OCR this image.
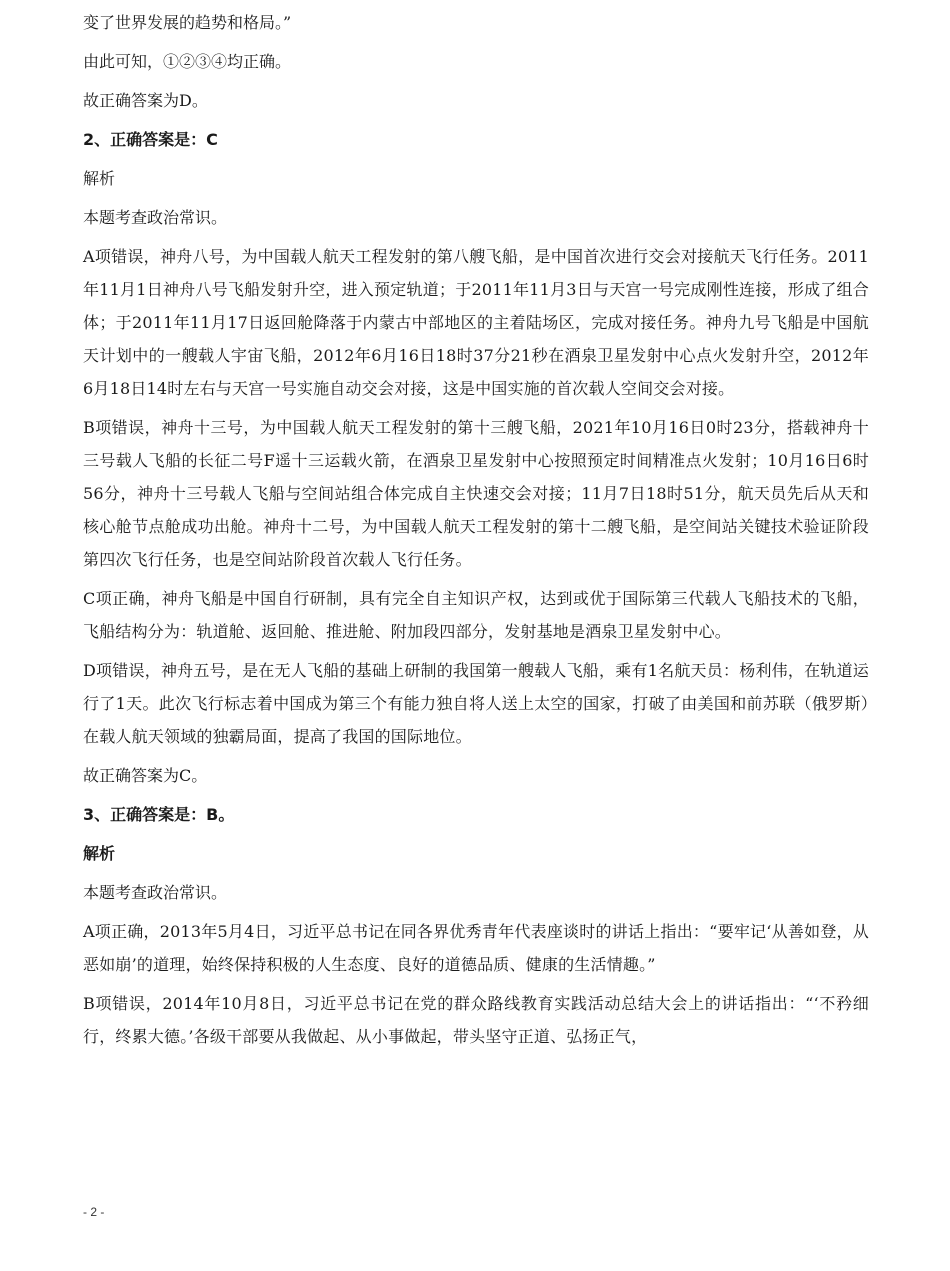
变了世界发展的趋势和格局。”

由此可知，①②③④均正确。

故正确答案为D。

2、正确答案是：C

解析

本题考查政治常识。

A项错误，神舟八号，为中国载人航天工程发射的第八艘飞船，是中国首次进行交会对接航天飞行任务。2011年11月1日神舟八号飞船发射升空，进入预定轨道；于2011年11月3日与天宫一号完成刚性连接，形成了组合体；于2011年11月17日返回舱降落于内蒙古中部地区的主着陆场区，完成对接任务。神舟九号飞船是中国航天计划中的一艘载人宇宙飞船，2012年6月16日18时37分21秒在酒泉卫星发射中心点火发射升空，2012年6月18日14时左右与天宫一号实施自动交会对接，这是中国实施的首次载人空间交会对接。

B项错误，神舟十三号，为中国载人航天工程发射的第十三艘飞船，2021年10月16日0时23分，搭载神舟十三号载人飞船的长征二号F遥十三运载火箭，在酒泉卫星发射中心按照预定时间精准点火发射；10月16日6时56分，神舟十三号载人飞船与空间站组合体完成自主快速交会对接；11月7日18时51分，航天员先后从天和核心舱节点舱成功出舱。神舟十二号，为中国载人航天工程发射的第十二艘飞船，是空间站关键技术验证阶段第四次飞行任务，也是空间站阶段首次载人飞行任务。

C项正确，神舟飞船是中国自行研制，具有完全自主知识产权，达到或优于国际第三代载人飞船技术的飞船，飞船结构分为：轨道舱、返回舱、推进舱、附加段四部分，发射基地是酒泉卫星发射中心。

D项错误，神舟五号，是在无人飞船的基础上研制的我国第一艘载人飞船，乘有1名航天员：杨利伟，在轨道运行了1天。此次飞行标志着中国成为第三个有能力独自将人送上太空的国家，打破了由美国和前苏联（俄罗斯）在载人航天领域的独霸局面，提高了我国的国际地位。

故正确答案为C。

3、正确答案是：B。

解析

本题考查政治常识。

A项正确，2013年5月4日，习近平总书记在同各界优秀青年代表座谈时的讲话上指出：“要牢记‘从善如登，从恶如崩’的道理，始终保持积极的人生态度、良好的道德品质、健康的生活情趣。”

B项错误，2014年10月8日，习近平总书记在党的群众路线教育实践活动总结大会上的讲话指出：“‘不矜细行，终累大德。’各级干部要从我做起、从小事做起，带头坚守正道、弘扬正气，

- 2 -
